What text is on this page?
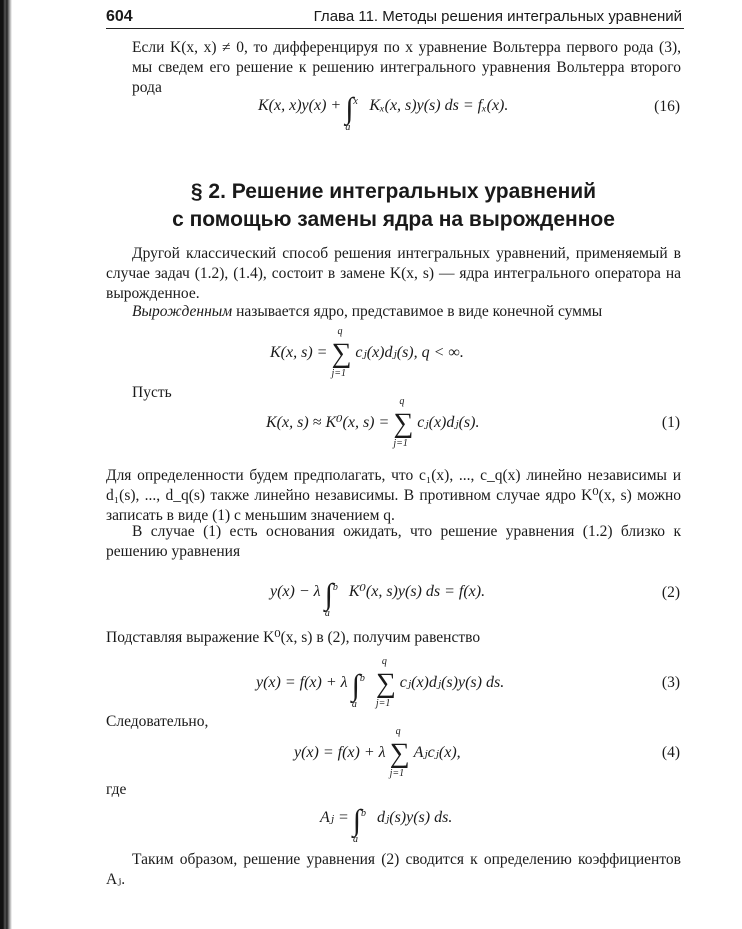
604	Глава 11. Методы решения интегральных уравнений
Если K(x, x) ≠ 0, то дифференцируя по x уравнение Вольтерра первого рода (3), мы сведем его решение к решению интегрального уравнения Вольтерра второго рода
K(x, x)y(x) + ∫ x
a
Kₓ(x, s)y(s) ds = fₓ(x).	(16)
§ 2. Решение интегральных уравнений
с помощью замены ядра на вырожденное
Другой классический способ решения интегральных уравнений, применяемый в случае задач (1.2), (1.4), состоит в замене K(x, s) — ядра интегрального оператора на вырожденное.
Вырожденным называется ядро, представимое в виде конечной суммы
K(x, s) = ∑
q
j=1
cⱼ(x)dⱼ(s), q < ∞.
Пусть
K(x, s) ≈ K⁰(x, s) = ∑
q
j=1
cⱼ(x)dⱼ(s).	(1)
Для определенности будем предполагать, что c₁(x), ..., c_q(x) линейно независимы и d₁(s), ..., d_q(s) также линейно независимы. В противном случае ядро K⁰(x, s) можно записать в виде (1) с меньшим значением q.
В случае (1) есть основания ожидать, что решение уравнения (1.2) близко к решению уравнения
y(x) − λ ∫ b
a
K⁰(x, s)y(s) ds = f(x).	(2)
Подставляя выражение K⁰(x, s) в (2), получим равенство
y(x) = f(x) + λ ∫ b
a
∑
q
j=1
cⱼ(x)dⱼ(s)y(s) ds.	(3)
Следовательно,
y(x) = f(x) + λ ∑
q
j=1
Aⱼcⱼ(x),	(4)
где
Aⱼ = ∫ b
a
dⱼ(s)y(s) ds.
Таким образом, решение уравнения (2) сводится к определению коэффициентов Aⱼ.
